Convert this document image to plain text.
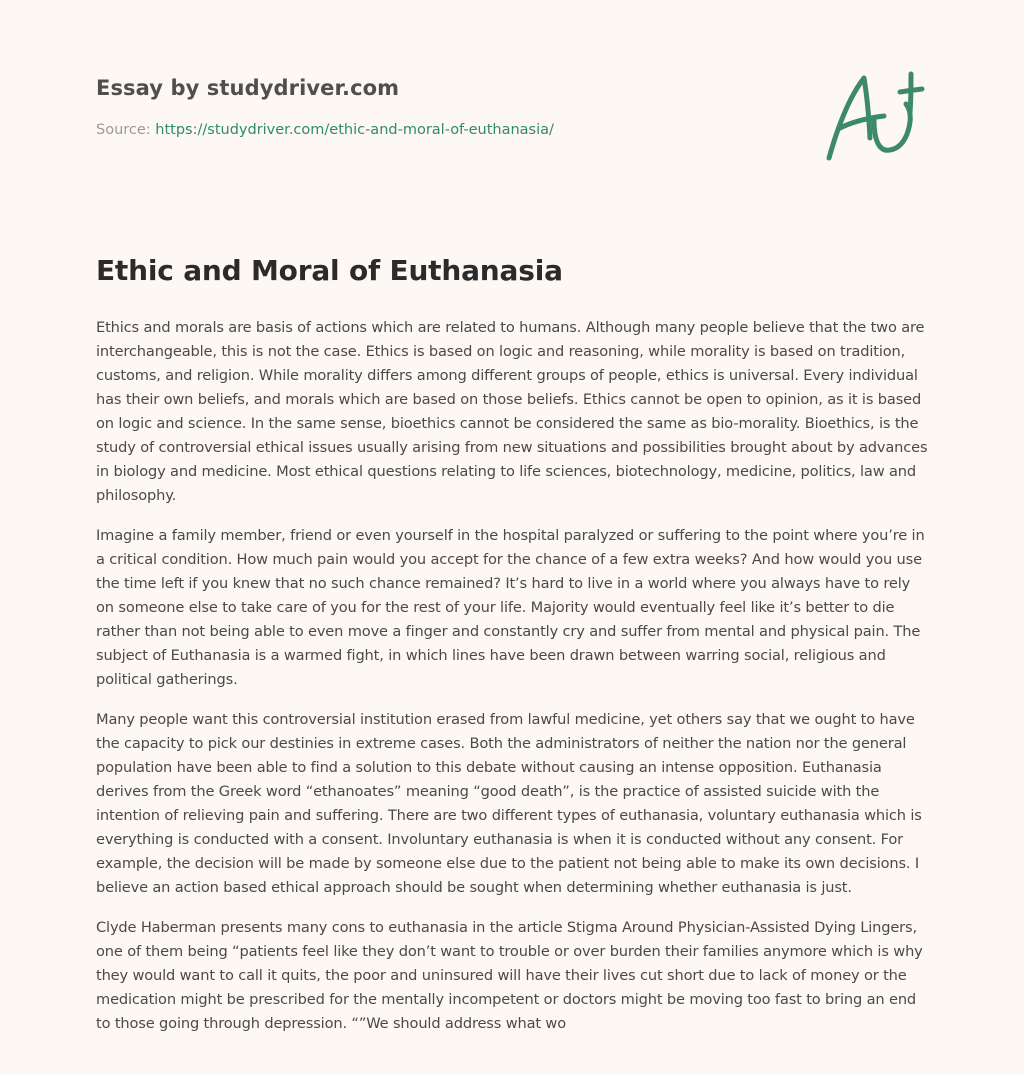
Essay by studydriver.com
Source: https://studydriver.com/ethic-and-moral-of-euthanasia/
Ethic and Moral of Euthanasia

Ethics and morals are basis of actions which are related to humans. Although many people believe that the two are interchangeable, this is not the case. Ethics is based on logic and reasoning, while morality is based on tradition, customs, and religion. While morality differs among different groups of people, ethics is universal. Every individual has their own beliefs, and morals which are based on those beliefs. Ethics cannot be open to opinion, as it is based on logic and science. In the same sense, bioethics cannot be considered the same as bio-morality. Bioethics, is the study of controversial ethical issues usually arising from new situations and possibilities brought about by advances in biology and medicine. Most ethical questions relating to life sciences, biotechnology, medicine, politics, law and philosophy.

Imagine a family member, friend or even yourself in the hospital paralyzed or suffering to the point where you’re in a critical condition. How much pain would you accept for the chance of a few extra weeks? And how would you use the time left if you knew that no such chance remained? It’s hard to live in a world where you always have to rely on someone else to take care of you for the rest of your life. Majority would eventually feel like it’s better to die rather than not being able to even move a finger and constantly cry and suffer from mental and physical pain. The subject of Euthanasia is a warmed fight, in which lines have been drawn between warring social, religious and political gatherings.

Many people want this controversial institution erased from lawful medicine, yet others say that we ought to have the capacity to pick our destinies in extreme cases. Both the administrators of neither the nation nor the general population have been able to find a solution to this debate without causing an intense opposition. Euthanasia derives from the Greek word “ethanoates” meaning “good death”, is the practice of assisted suicide with the intention of relieving pain and suffering. There are two different types of euthanasia, voluntary euthanasia which is everything is conducted with a consent. Involuntary euthanasia is when it is conducted without any consent. For example, the decision will be made by someone else due to the patient not being able to make its own decisions. I believe an action based ethical approach should be sought when determining whether euthanasia is just.

Clyde Haberman presents many cons to euthanasia in the article Stigma Around Physician-Assisted Dying Lingers, one of them being “patients feel like they don’t want to trouble or over burden their families anymore which is why they would want to call it quits, the poor and uninsured will have their lives cut short due to lack of money or the medication might be prescribed for the mentally incompetent or doctors might be moving too fast to bring an end to those going through depression. “”We should address what wo
